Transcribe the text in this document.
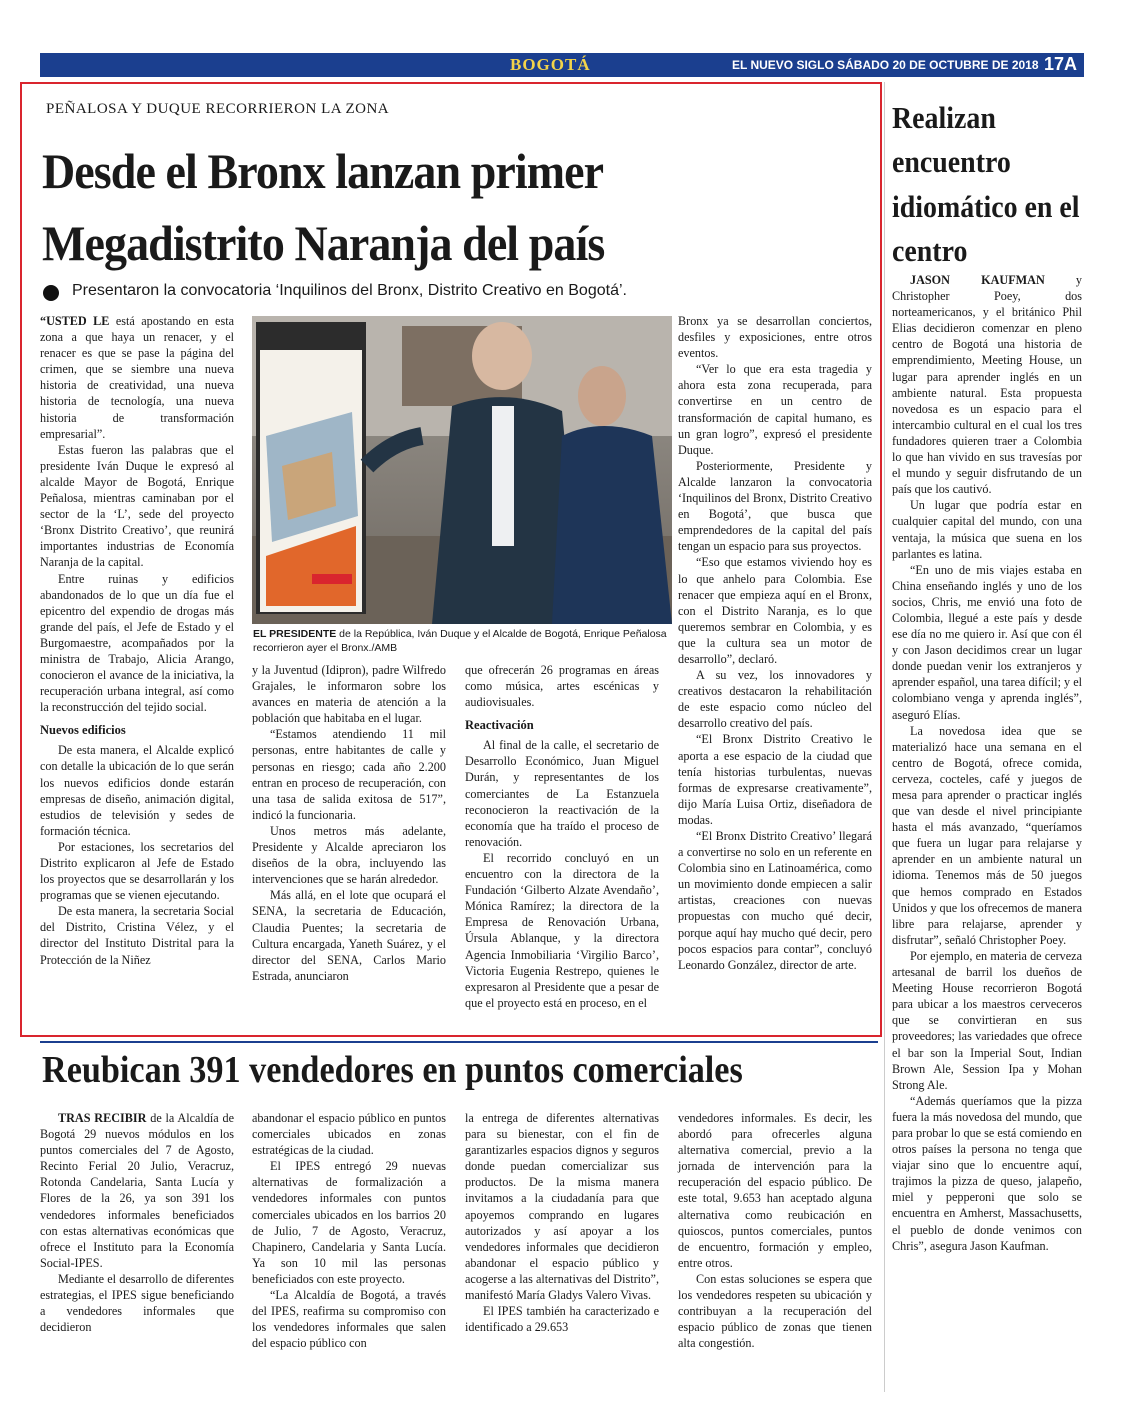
BOGOTÁ	EL NUEVO SIGLO SÁBADO 20 DE OCTUBRE DE 2018 17A
PEÑALOSA Y DUQUE RECORRIERON LA ZONA
Desde el Bronx lanzan primer Megadistrito Naranja del país
Presentaron la convocatoria ‘Inquilinos del Bronx, Distrito Creativo en Bogotá’.

“USTED LE está apostando en esta zona a que haya un renacer, y el renacer es que se pase la página del crimen, que se siembre una nueva historia de creatividad, una nueva historia de tecnología, una nueva historia de transformación empresarial”.

Estas fueron las palabras que el presidente Iván Duque le expresó al alcalde Mayor de Bogotá, Enrique Peñalosa, mientras caminaban por el sector de la ‘L’, sede del proyecto ‘Bronx Distrito Creativo’, que reunirá importantes industrias de Economía Naranja de la capital.

Entre ruinas y edificios abandonados de lo que un día fue el epicentro del expendio de drogas más grande del país, el Jefe de Estado y el Burgomaestre, acompañados por la ministra de Trabajo, Alicia Arango, conocieron el avance de la iniciativa, la recuperación urbana integral, así como la reconstrucción del tejido social.

Nuevos edificios

De esta manera, el Alcalde explicó con detalle la ubicación de lo que serán los nuevos edificios donde estarán empresas de diseño, animación digital, estudios de televisión y sedes de formación técnica.

Por estaciones, los secretarios del Distrito explicaron al Jefe de Estado los proyectos que se desarrollarán y los programas que se vienen ejecutando.

De esta manera, la secretaria Social del Distrito, Cristina Vélez, y el director del Instituto Distrital para la Protección de la Niñez

EL PRESIDENTE de la República, Iván Duque y el Alcalde de Bogotá, Enrique Peñalosa recorrieron ayer el Bronx./AMB

y la Juventud (Idipron), padre Wilfredo Grajales, le informaron sobre los avances en materia de atención a la población que habitaba en el lugar.

“Estamos atendiendo 11 mil personas, entre habitantes de calle y personas en riesgo; cada año 2.200 entran en proceso de recuperación, con una tasa de salida exitosa de 517”, indicó la funcionaria.

Unos metros más adelante, Presidente y Alcalde apreciaron los diseños de la obra, incluyendo las intervenciones que se harán alrededor.

Más allá, en el lote que ocupará el SENA, la secretaria de Educación, Claudia Puentes; la secretaria de Cultura encargada, Yaneth Suárez, y el director del SENA, Carlos Mario Estrada, anunciaron

que ofrecerán 26 programas en áreas como música, artes escénicas y audiovisuales.

Reactivación

Al final de la calle, el secretario de Desarrollo Económico, Juan Miguel Durán, y representantes de los comerciantes de La Estanzuela reconocieron la reactivación de la economía que ha traído el proceso de renovación.

El recorrido concluyó en un encuentro con la directora de la Fundación ‘Gilberto Alzate Avendaño’, Mónica Ramírez; la directora de la Empresa de Renovación Urbana, Úrsula Ablanque, y la directora Agencia Inmobiliaria ‘Virgilio Barco’, Victoria Eugenia Restrepo, quienes le expresaron al Presidente que a pesar de que el proyecto está en proceso, en el

Bronx ya se desarrollan conciertos, desfiles y exposiciones, entre otros eventos.

“Ver lo que era esta tragedia y ahora esta zona recuperada, para convertirse en un centro de transformación de capital humano, es un gran logro”, expresó el presidente Duque.

Posteriormente, Presidente y Alcalde lanzaron la convocatoria ‘Inquilinos del Bronx, Distrito Creativo en Bogotá’, que busca que emprendedores de la capital del país tengan un espacio para sus proyectos.

“Eso que estamos viviendo hoy es lo que anhelo para Colombia. Ese renacer que empieza aquí en el Bronx, con el Distrito Naranja, es lo que queremos sembrar en Colombia, y es que la cultura sea un motor de desarrollo”, declaró.

A su vez, los innovadores y creativos destacaron la rehabilitación de este espacio como núcleo del desarrollo creativo del país.

“El Bronx Distrito Creativo le aporta a ese espacio de la ciudad que tenía historias turbulentas, nuevas formas de expresarse creativamente”, dijo María Luisa Ortiz, diseñadora de modas.

“El Bronx Distrito Creativo’ llegará a convertirse no solo en un referente en Colombia sino en Latinoamérica, como un movimiento donde empiecen a salir artistas, creaciones con nuevas propuestas con mucho qué decir, porque aquí hay mucho qué decir, pero pocos espacios para contar”, concluyó Leonardo González, director de arte.

Realizan encuentro idiomático en el centro

JASON KAUFMAN y Christopher Poey, dos norteamericanos, y el británico Phil Elias decidieron comenzar en pleno centro de Bogotá una historia de emprendimiento, Meeting House, un lugar para aprender inglés en un ambiente natural. Esta propuesta novedosa es un espacio para el intercambio cultural en el cual los tres fundadores quieren traer a Colombia lo que han vivido en sus travesías por el mundo y seguir disfrutando de un país que los cautivó.

Un lugar que podría estar en cualquier capital del mundo, con una ventaja, la música que suena en los parlantes es latina.

“En uno de mis viajes estaba en China enseñando inglés y uno de los socios, Chris, me envió una foto de Colombia, llegué a este país y desde ese día no me quiero ir. Así que con él y con Jason decidimos crear un lugar donde puedan venir los extranjeros y aprender español, una tarea difícil; y el colombiano venga y aprenda inglés”, aseguró Elías.

La novedosa idea que se materializó hace una semana en el centro de Bogotá, ofrece comida, cerveza, cocteles, café y juegos de mesa para aprender o practicar inglés que van desde el nivel principiante hasta el más avanzado, “queríamos que fuera un lugar para relajarse y aprender en un ambiente natural un idioma. Tenemos más de 50 juegos que hemos comprado en Estados Unidos y que los ofrecemos de manera libre para relajarse, aprender y disfrutar”, señaló Christopher Poey.

Por ejemplo, en materia de cerveza artesanal de barril los dueños de Meeting House recorrieron Bogotá para ubicar a los maestros cerveceros que se convirtieran en sus proveedores; las variedades que ofrece el bar son la Imperial Sout, Indian Brown Ale, Session Ipa y Mohan Strong Ale.

“Además queríamos que la pizza fuera la más novedosa del mundo, que para probar lo que se está comiendo en otros países la persona no tenga que viajar sino que lo encuentre aquí, trajimos la pizza de queso, jalapeño, miel y pepperoni que solo se encuentra en Amherst, Massachusetts, el pueblo de donde venimos con Chris”, asegura Jason Kaufman.

Reubican 391 vendedores en puntos comerciales

TRAS RECIBIR de la Alcaldía de Bogotá 29 nuevos módulos en los puntos comerciales del 7 de Agosto, Recinto Ferial 20 Julio, Veracruz, Rotonda Candelaria, Santa Lucía y Flores de la 26, ya son 391 los vendedores informales beneficiados con estas alternativas económicas que ofrece el Instituto para la Economía Social-IPES.

Mediante el desarrollo de diferentes estrategias, el IPES sigue beneficiando a vendedores informales que decidieron

abandonar el espacio público en puntos comerciales ubicados en zonas estratégicas de la ciudad.

El IPES entregó 29 nuevas alternativas de formalización a vendedores informales con puntos comerciales ubicados en los barrios 20 de Julio, 7 de Agosto, Veracruz, Chapinero, Candelaria y Santa Lucía. Ya son 10 mil las personas beneficiados con este proyecto.

“La Alcaldía de Bogotá, a través del IPES, reafirma su compromiso con los vendedores informales que salen del espacio público con

la entrega de diferentes alternativas para su bienestar, con el fin de garantizarles espacios dignos y seguros donde puedan comercializar sus productos. De la misma manera invitamos a la ciudadanía para que apoyemos comprando en lugares autorizados y así apoyar a los vendedores informales que decidieron abandonar el espacio público y acogerse a las alternativas del Distrito”, manifestó María Gladys Valero Vivas.

El IPES también ha caracterizado e identificado a 29.653

vendedores informales. Es decir, les abordó para ofrecerles alguna alternativa comercial, previo a la jornada de intervención para la recuperación del espacio público. De este total, 9.653 han aceptado alguna alternativa como reubicación en quioscos, puntos comerciales, puntos de encuentro, formación y empleo, entre otros.

Con estas soluciones se espera que los vendedores respeten su ubicación y contribuyan a la recuperación del espacio público de zonas que tienen alta congestión.
